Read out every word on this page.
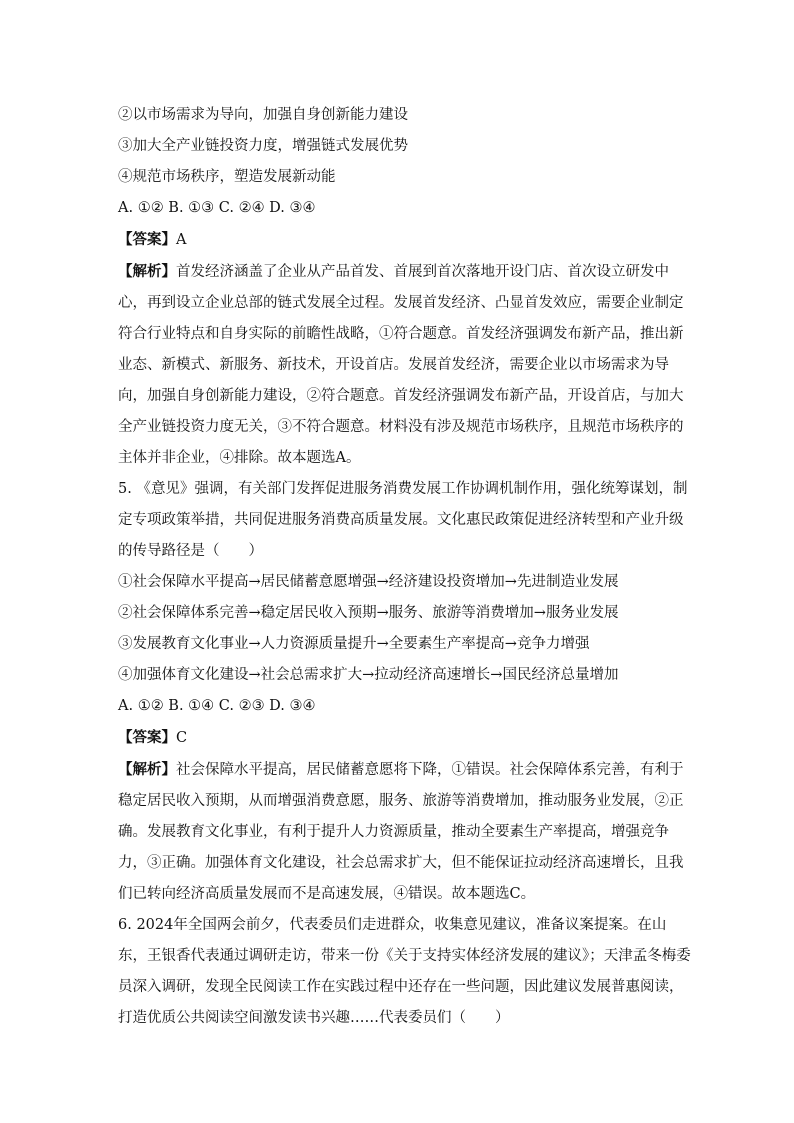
②以市场需求为导向，加强自身创新能力建设

③加大全产业链投资力度，增强链式发展优势

④规范市场秩序，塑造发展新动能

A. ①② B. ①③ C. ②④ D. ③④

【答案】A

【解析】首发经济涵盖了企业从产品首发、首展到首次落地开设门店、首次设立研发中心，再到设立企业总部的链式发展全过程。发展首发经济、凸显首发效应，需要企业制定符合行业特点和自身实际的前瞻性战略，①符合题意。首发经济强调发布新产品，推出新业态、新模式、新服务、新技术，开设首店。发展首发经济，需要企业以市场需求为导向，加强自身创新能力建设，②符合题意。首发经济强调发布新产品，开设首店，与加大全产业链投资力度无关，③不符合题意。材料没有涉及规范市场秩序，且规范市场秩序的主体并非企业，④排除。故本题选A。

5. 《意见》强调，有关部门发挥促进服务消费发展工作协调机制作用，强化统筹谋划，制定专项政策举措，共同促进服务消费高质量发展。文化惠民政策促进经济转型和产业升级的传导路径是（　　）

①社会保障水平提高→居民储蓄意愿增强→经济建设投资增加→先进制造业发展

②社会保障体系完善→稳定居民收入预期→服务、旅游等消费增加→服务业发展

③发展教育文化事业→人力资源质量提升→全要素生产率提高→竞争力增强

④加强体育文化建设→社会总需求扩大→拉动经济高速增长→国民经济总量增加

A. ①② B. ①④ C. ②③ D. ③④

【答案】C

【解析】社会保障水平提高，居民储蓄意愿将下降，①错误。社会保障体系完善，有利于稳定居民收入预期，从而增强消费意愿，服务、旅游等消费增加，推动服务业发展，②正确。发展教育文化事业，有利于提升人力资源质量，推动全要素生产率提高，增强竞争力，③正确。加强体育文化建设，社会总需求扩大，但不能保证拉动经济高速增长，且我们已转向经济高质量发展而不是高速发展，④错误。故本题选C。

6. 2024年全国两会前夕，代表委员们走进群众，收集意见建议，准备议案提案。在山东，王银香代表通过调研走访，带来一份《关于支持实体经济发展的建议》；天津孟冬梅委员深入调研，发现全民阅读工作在实践过程中还存在一些问题，因此建议发展普惠阅读，打造优质公共阅读空间激发读书兴趣……代表委员们（　　）
